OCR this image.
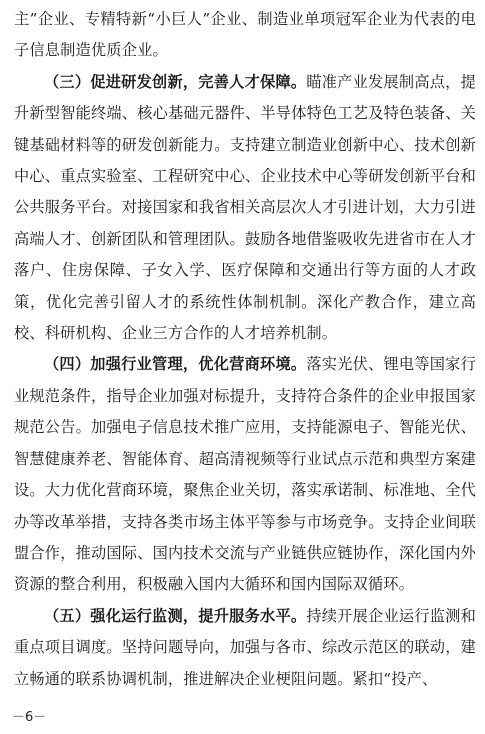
主”企业、专精特新“小巨人”企业、制造业单项冠军企业为代表的电子信息制造优质企业。

（三）促进研发创新，完善人才保障。瞄准产业发展制高点，提升新型智能终端、核心基础元器件、半导体特色工艺及特色装备、关键基础材料等的研发创新能力。支持建立制造业创新中心、技术创新中心、重点实验室、工程研究中心、企业技术中心等研发创新平台和公共服务平台。对接国家和我省相关高层次人才引进计划，大力引进高端人才、创新团队和管理团队。鼓励各地借鉴吸收先进省市在人才落户、住房保障、子女入学、医疗保障和交通出行等方面的人才政策，优化完善引留人才的系统性体制机制。深化产教合作，建立高校、科研机构、企业三方合作的人才培养机制。

（四）加强行业管理，优化营商环境。落实光伏、锂电等国家行业规范条件，指导企业加强对标提升，支持符合条件的企业申报国家规范公告。加强电子信息技术推广应用，支持能源电子、智能光伏、智慧健康养老、智能体育、超高清视频等行业试点示范和典型方案建设。大力优化营商环境，聚焦企业关切，落实承诺制、标准地、全代办等改革举措，支持各类市场主体平等参与市场竞争。支持企业间联盟合作，推动国际、国内技术交流与产业链供应链协作，深化国内外资源的整合利用，积极融入国内大循环和国内国际双循环。

（五）强化运行监测，提升服务水平。持续开展企业运行监测和重点项目调度。坚持问题导向，加强与各市、综改示范区的联动，建立畅通的联系协调机制，推进解决企业梗阻问题。紧扣“投产、

－6－
